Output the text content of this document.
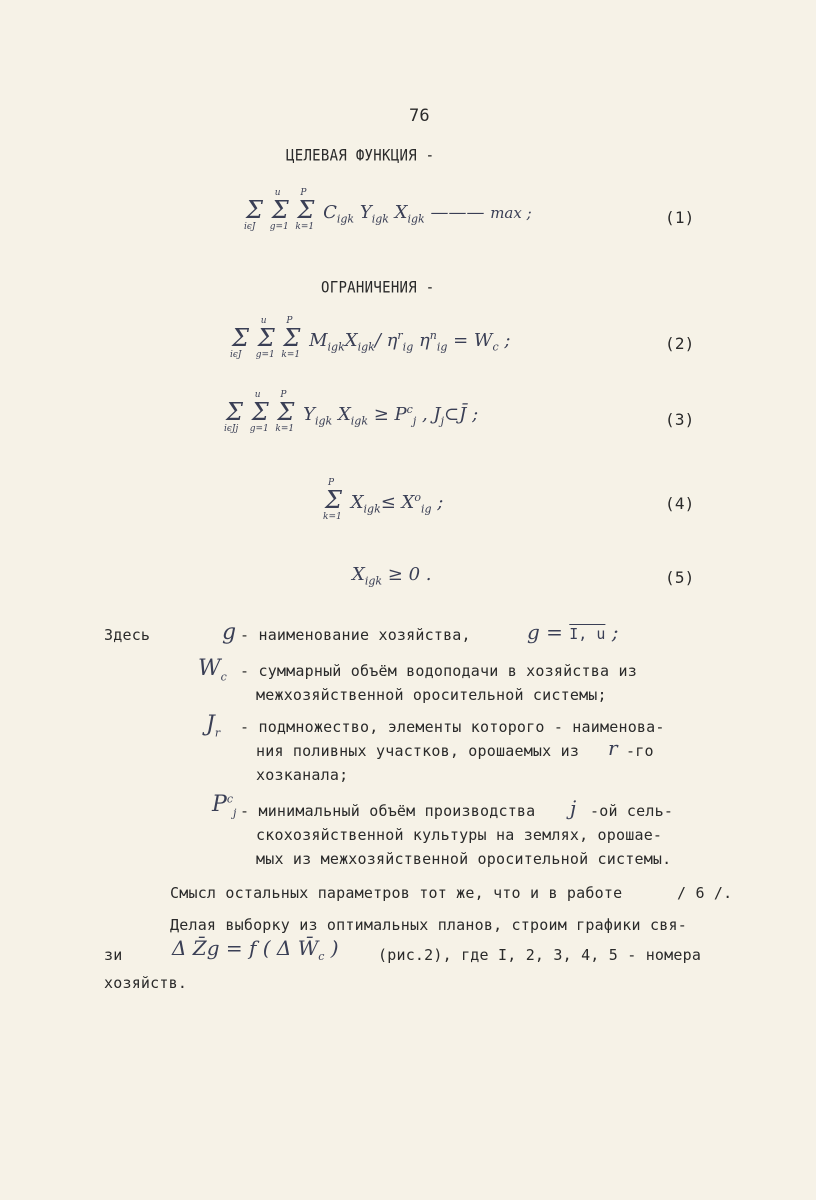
76
ЦЕЛЕВАЯ ФУНКЦИЯ -
Σ
iєJ
Σ
u
g=1
Σ
P
k=1
$C_{igk}$ $Y_{igk}$ $X_{igk}$ ——— max ;	(1)
ОГРАНИЧЕНИЯ -
Σ
iєJ
Σ
u
g=1
Σ
P
k=1
$M_{igk}X_{igk}/$ $\eta^r_{ig}$ $\eta^n_{ig} = W_c$ ;	(2)
Σ
iєJj
Σ
u
g=1
Σ
P
k=1
$Y_{igk}$ $X_{igk} \ge P^c_j$ , $J_j\subset J̄$ ;	(3)
Σ
P
k=1
$X_{igk}\le X^o_{ig}$ ;	(4)
$X_{igk} \ge 0$ .	(5)
Здесь	g - наименование хозяйства,	g = I, u ;
$W_c$ - суммарный объём водоподачи в хозяйства из
межхозяйственной оросительной системы;
$J_r$ - подмножество, элементы которого - наименова-
ния поливных участков, орошаемых из r -го
хозканала;
$P^c_j$ - минимальный объём производства j -ой сель-
скохозяйственной культуры на землях, орошае-
мых из межхозяйственной оросительной системы.
Смысл остальных параметров тот же, что и в работе	/ 6 /.
Делая выборку из оптимальных планов, строим графики свя-
зи Δ Z̄g = f ( Δ $W̄_c$ )	(рис.2), где I, 2, 3, 4, 5 - номера
хозяйств.
